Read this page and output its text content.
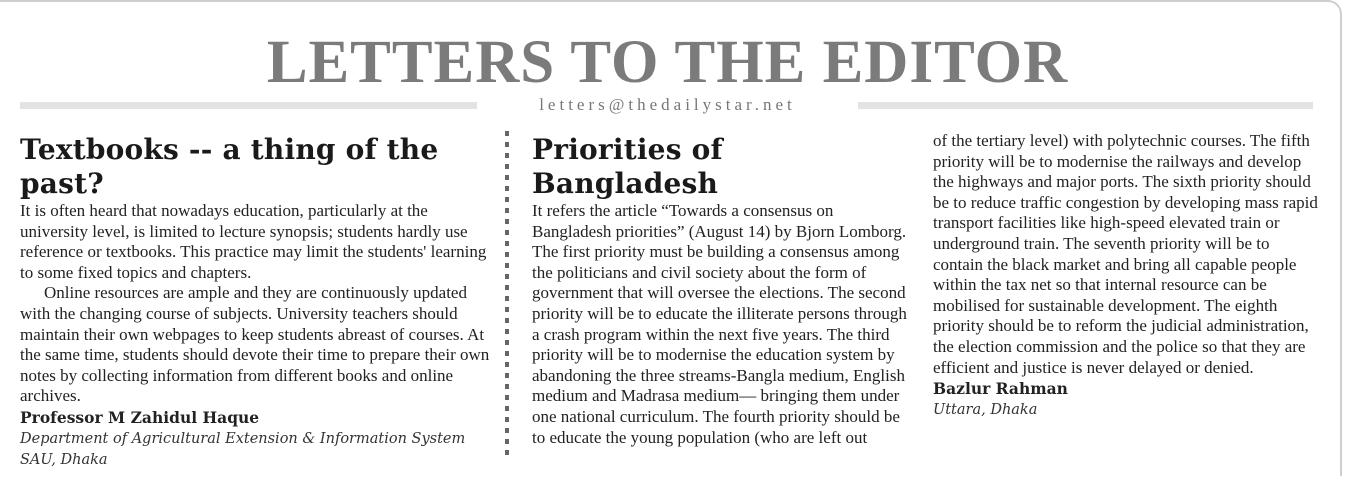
LETTERS TO THE EDITOR
letters@thedailystar.net
Textbooks -- a thing of the past?

It is often heard that nowadays education, particularly at the university level, is limited to lecture synopsis; students hardly use reference or textbooks. This practice may limit the students' learning to some fixed topics and chapters.

Online resources are ample and they are continuously updated with the changing course of subjects. University teachers should maintain their own webpages to keep students abreast of courses. At the same time, students should devote their time to prepare their own notes by collecting information from different books and online archives.

Professor M Zahidul Haque
Department of Agricultural Extension & Information System
SAU, Dhaka
Priorities of Bangladesh

It refers the article “Towards a consensus on Bangladesh priorities” (August 14) by Bjorn Lomborg. The first priority must be building a consensus among the politicians and civil society about the form of government that will oversee the elections. The second priority will be to educate the illiterate persons through a crash program within the next five years. The third priority will be to modernise the education system by abandoning the three streams-Bangla medium, English medium and Madrasa medium— bringing them under one national curriculum. The fourth priority should be to educate the young population (who are left out

of the tertiary level) with polytechnic courses. The fifth priority will be to modernise the railways and develop the highways and major ports. The sixth priority should be to reduce traffic congestion by developing mass rapid transport facilities like high-speed elevated train or underground train. The seventh priority will be to contain the black market and bring all capable people within the tax net so that internal resource can be mobilised for sustainable development. The eighth priority should be to reform the judicial administration, the election commission and the police so that they are efficient and justice is never delayed or denied.

Bazlur Rahman
Uttara, Dhaka
